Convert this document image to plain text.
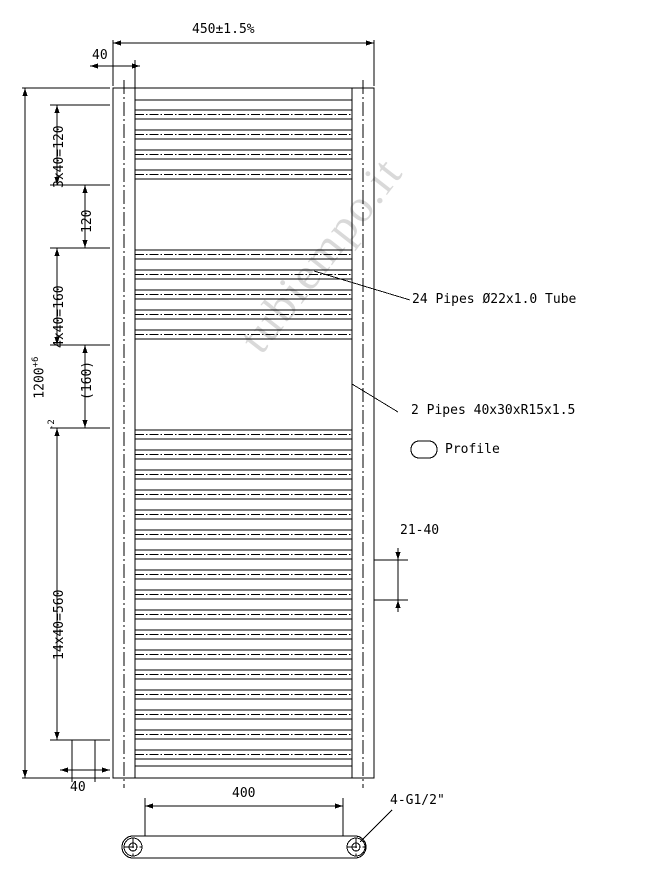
tubiempo.it
450±1.5%
40

$1200^{+6 -2}$

3x40=120
120
4x40=160
(160)
14x40=560
40
21-40
24 Pipes Ø22x1.0 Tube
2 Pipes 40x30xR15x1.5
Profile
400	4-G1/2"
